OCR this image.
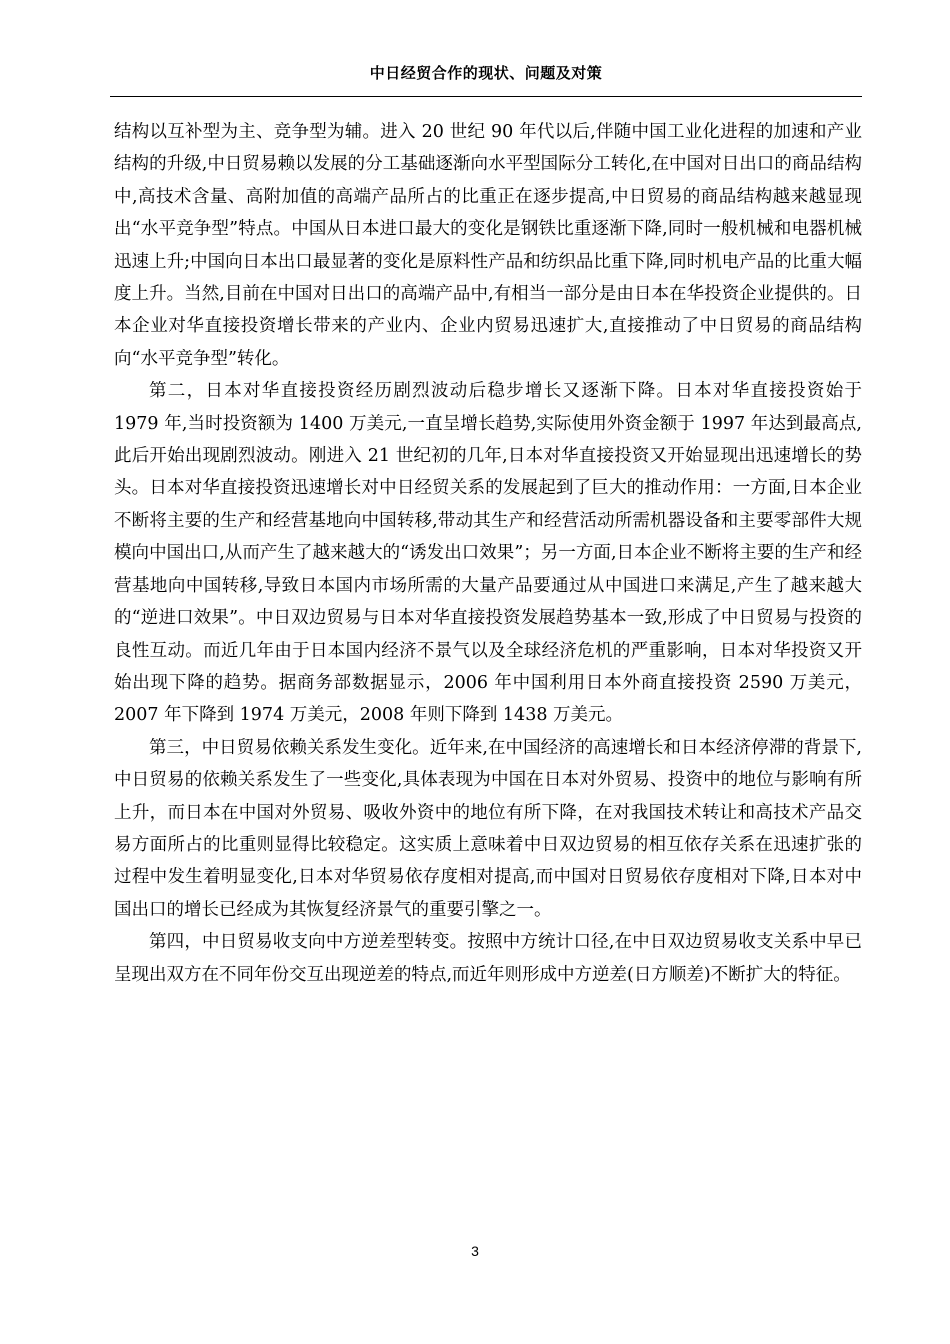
中日经贸合作的现状、问题及对策

结构以互补型为主、竞争型为辅。进入 20 世纪 90 年代以后,伴随中国工业化进程的加速和产业结构的升级,中日贸易赖以发展的分工基础逐渐向水平型国际分工转化,在中国对日出口的商品结构中,高技术含量、高附加值的高端产品所占的比重正在逐步提高,中日贸易的商品结构越来越显现出“水平竞争型”特点。中国从日本进口最大的变化是钢铁比重逐渐下降,同时一般机械和电器机械迅速上升;中国向日本出口最显著的变化是原料性产品和纺织品比重下降,同时机电产品的比重大幅度上升。当然,目前在中国对日出口的高端产品中,有相当一部分是由日本在华投资企业提供的。日本企业对华直接投资增长带来的产业内、企业内贸易迅速扩大,直接推动了中日贸易的商品结构向“水平竞争型”转化。

第二，日本对华直接投资经历剧烈波动后稳步增长又逐渐下降。日本对华直接投资始于 1979 年,当时投资额为 1400 万美元,一直呈增长趋势,实际使用外资金额于 1997 年达到最高点,此后开始出现剧烈波动。刚进入 21 世纪初的几年,日本对华直接投资又开始显现出迅速增长的势头。日本对华直接投资迅速增长对中日经贸关系的发展起到了巨大的推动作用：一方面,日本企业不断将主要的生产和经营基地向中国转移,带动其生产和经营活动所需机器设备和主要零部件大规模向中国出口,从而产生了越来越大的“诱发出口效果”；另一方面,日本企业不断将主要的生产和经营基地向中国转移,导致日本国内市场所需的大量产品要通过从中国进口来满足,产生了越来越大的“逆进口效果”。中日双边贸易与日本对华直接投资发展趋势基本一致,形成了中日贸易与投资的良性互动。而近几年由于日本国内经济不景气以及全球经济危机的严重影响，日本对华投资又开始出现下降的趋势。据商务部数据显示，2006 年中国利用日本外商直接投资 2590 万美元，2007 年下降到 1974 万美元，2008 年则下降到 1438 万美元。

第三，中日贸易依赖关系发生变化。近年来,在中国经济的高速增长和日本经济停滞的背景下,中日贸易的依赖关系发生了一些变化,具体表现为中国在日本对外贸易、投资中的地位与影响有所上升，而日本在中国对外贸易、吸收外资中的地位有所下降，在对我国技术转让和高技术产品交易方面所占的比重则显得比较稳定。这实质上意味着中日双边贸易的相互依存关系在迅速扩张的过程中发生着明显变化,日本对华贸易依存度相对提高,而中国对日贸易依存度相对下降,日本对中国出口的增长已经成为其恢复经济景气的重要引擎之一。

第四，中日贸易收支向中方逆差型转变。按照中方统计口径,在中日双边贸易收支关系中早已呈现出双方在不同年份交互出现逆差的特点,而近年则形成中方逆差(日方顺差)不断扩大的特征。

3
